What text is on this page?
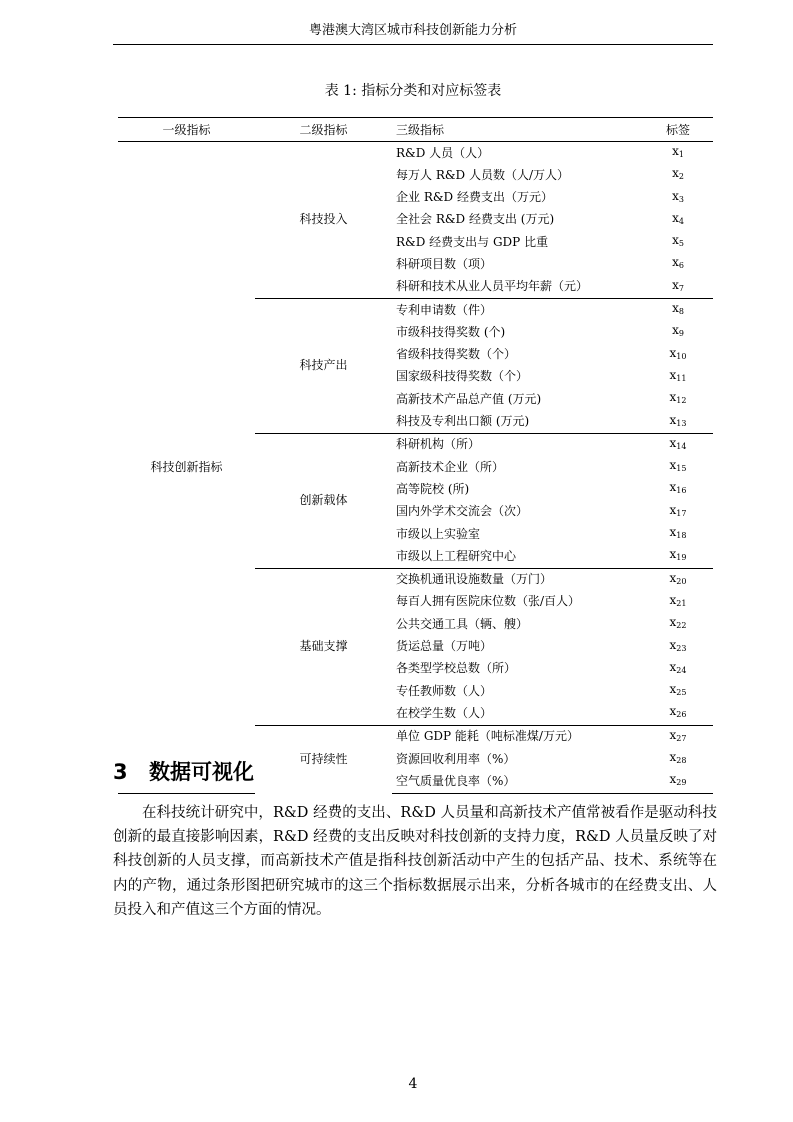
粤港澳大湾区城市科技创新能力分析
表 1: 指标分类和对应标签表
一级指标	二级指标	三级指标	标签
科技创新指标	科技投入	R&D 人员（人）	$x_1$
		每万人 R&D 人员数（人/万人）	$x_2$
		企业 R&D 经费支出（万元）	$x_3$
		全社会 R&D 经费支出 (万元)	$x_4$
		R&D 经费支出与 GDP 比重	$x_5$
		科研项目数（项）	$x_6$
		科研和技术从业人员平均年薪（元）	$x_7$
	科技产出	专利申请数（件）	$x_8$
		市级科技得奖数 (个)	$x_9$
		省级科技得奖数（个）	$x_{10}$
		国家级科技得奖数（个）	$x_{11}$
		高新技术产品总产值 (万元)	$x_{12}$
		科技及专利出口额 (万元)	$x_{13}$
	创新载体	科研机构（所）	$x_{14}$
		高新技术企业（所）	$x_{15}$
		高等院校 (所)	$x_{16}$
		国内外学术交流会（次）	$x_{17}$
		市级以上实验室	$x_{18}$
		市级以上工程研究中心	$x_{19}$
	基础支撑	交换机通讯设施数量（万门）	$x_{20}$
		每百人拥有医院床位数（张/百人）	$x_{21}$
		公共交通工具（辆、艘）	$x_{22}$
		货运总量（万吨）	$x_{23}$
		各类型学校总数（所）	$x_{24}$
		专任教师数（人）	$x_{25}$
		在校学生数（人）	$x_{26}$
	可持续性	单位 GDP 能耗（吨标准煤/万元）	$x_{27}$
		资源回收利用率（%）	$x_{28}$
		空气质量优良率（%）	$x_{29}$
3 数据可视化
在科技统计研究中，R&D 经费的支出、R&D 人员量和高新技术产值常被看作是驱动科技创新的最直接影响因素，R&D 经费的支出反映对科技创新的支持力度，R&D 人员量反映了对科技创新的人员支撑，而高新技术产值是指科技创新活动中产生的包括产品、技术、系统等在内的产物，通过条形图把研究城市的这三个指标数据展示出来，分析各城市的在经费支出、人员投入和产值这三个方面的情况。
4
